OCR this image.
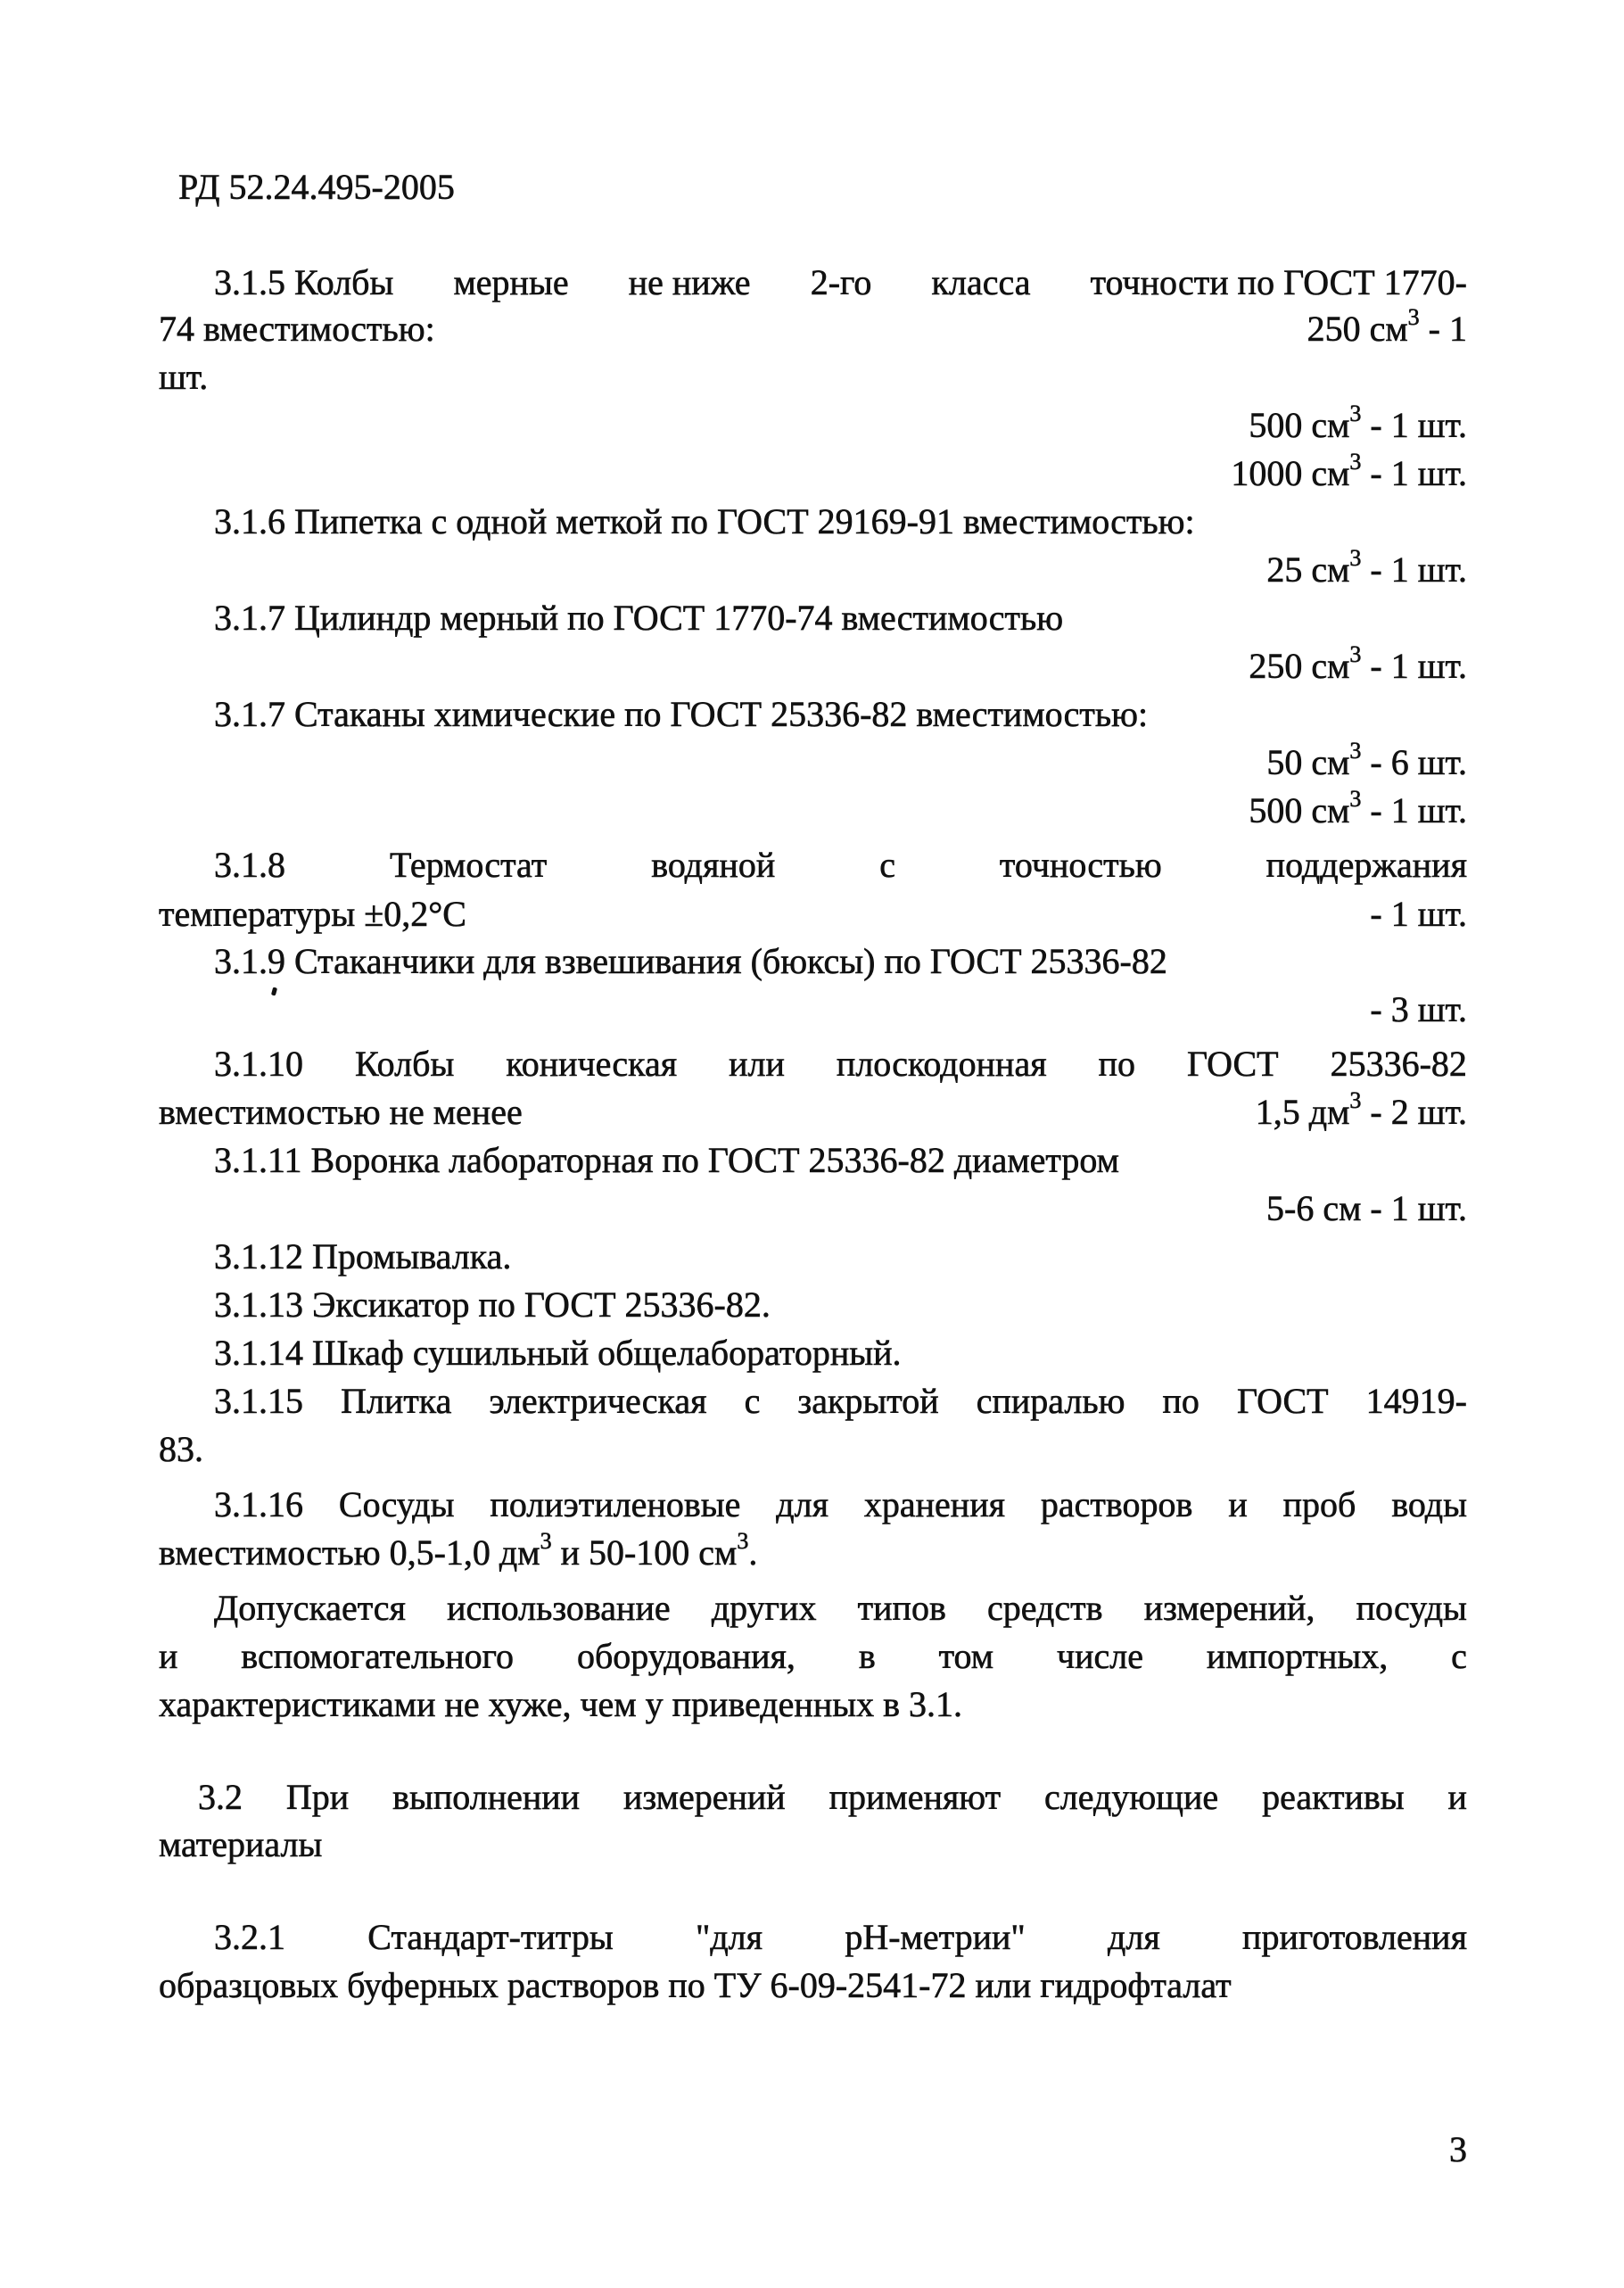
РД 52.24.495-2005
3.1.5 Колбы мерные не ниже 2-го класса точности по ГОСТ 1770-
74 вместимостью:	250 $см^3 - 1$
шт.
500 $см^3 - 1$ шт.
1000 $см^3 - 1$ шт.
3.1.6 Пипетка с одной меткой по ГОСТ 29169-91 вместимостью:
25 $см^3 - 1$ шт.
3.1.7 Цилиндр мерный по ГОСТ 1770-74 вместимостью
250 $см^3 - 1$ шт.
3.1.7 Стаканы химические по ГОСТ 25336-82 вместимостью:
50 $см^3 - 6$ шт.
500 $см^3 - 1$ шт.
3.1.8	Термостат	водяной	с	точностью	поддержания
температуры ±0,2°С	- 1 шт.
3.1.9 Стаканчики для взвешивания (бюксы) по ГОСТ 25336-82
- 3 шт.
3.1.10 Колбы коническая или плоскодонная по ГОСТ 25336-82
вместимостью не менее	1,5 $дм^3 - 2$ шт.
3.1.11 Воронка лабораторная по ГОСТ 25336-82 диаметром
5-6 см - 1 шт.
3.1.12 Промывалка.
3.1.13 Эксикатор по ГОСТ 25336-82.
3.1.14 Шкаф сушильный общелабораторный.
3.1.15 Плитка электрическая с закрытой спиралью по ГОСТ 14919-
83.
3.1.16 Сосуды полиэтиленовые для хранения растворов и проб воды
вместимостью 0,5-1,0 $дм^3$ и 50-100 $см^3$.
Допускается использование других типов средств измерений, посуды
и вспомогательного оборудования, в том числе импортных, с
характеристиками не хуже, чем у приведенных в 3.1.
3.2 При выполнении измерений применяют следующие реактивы и
материалы
3.2.1 Стандарт-титры "для рН-метрии" для приготовления
образцовых буферных растворов по ТУ 6-09-2541-72 или гидрофталат
3
